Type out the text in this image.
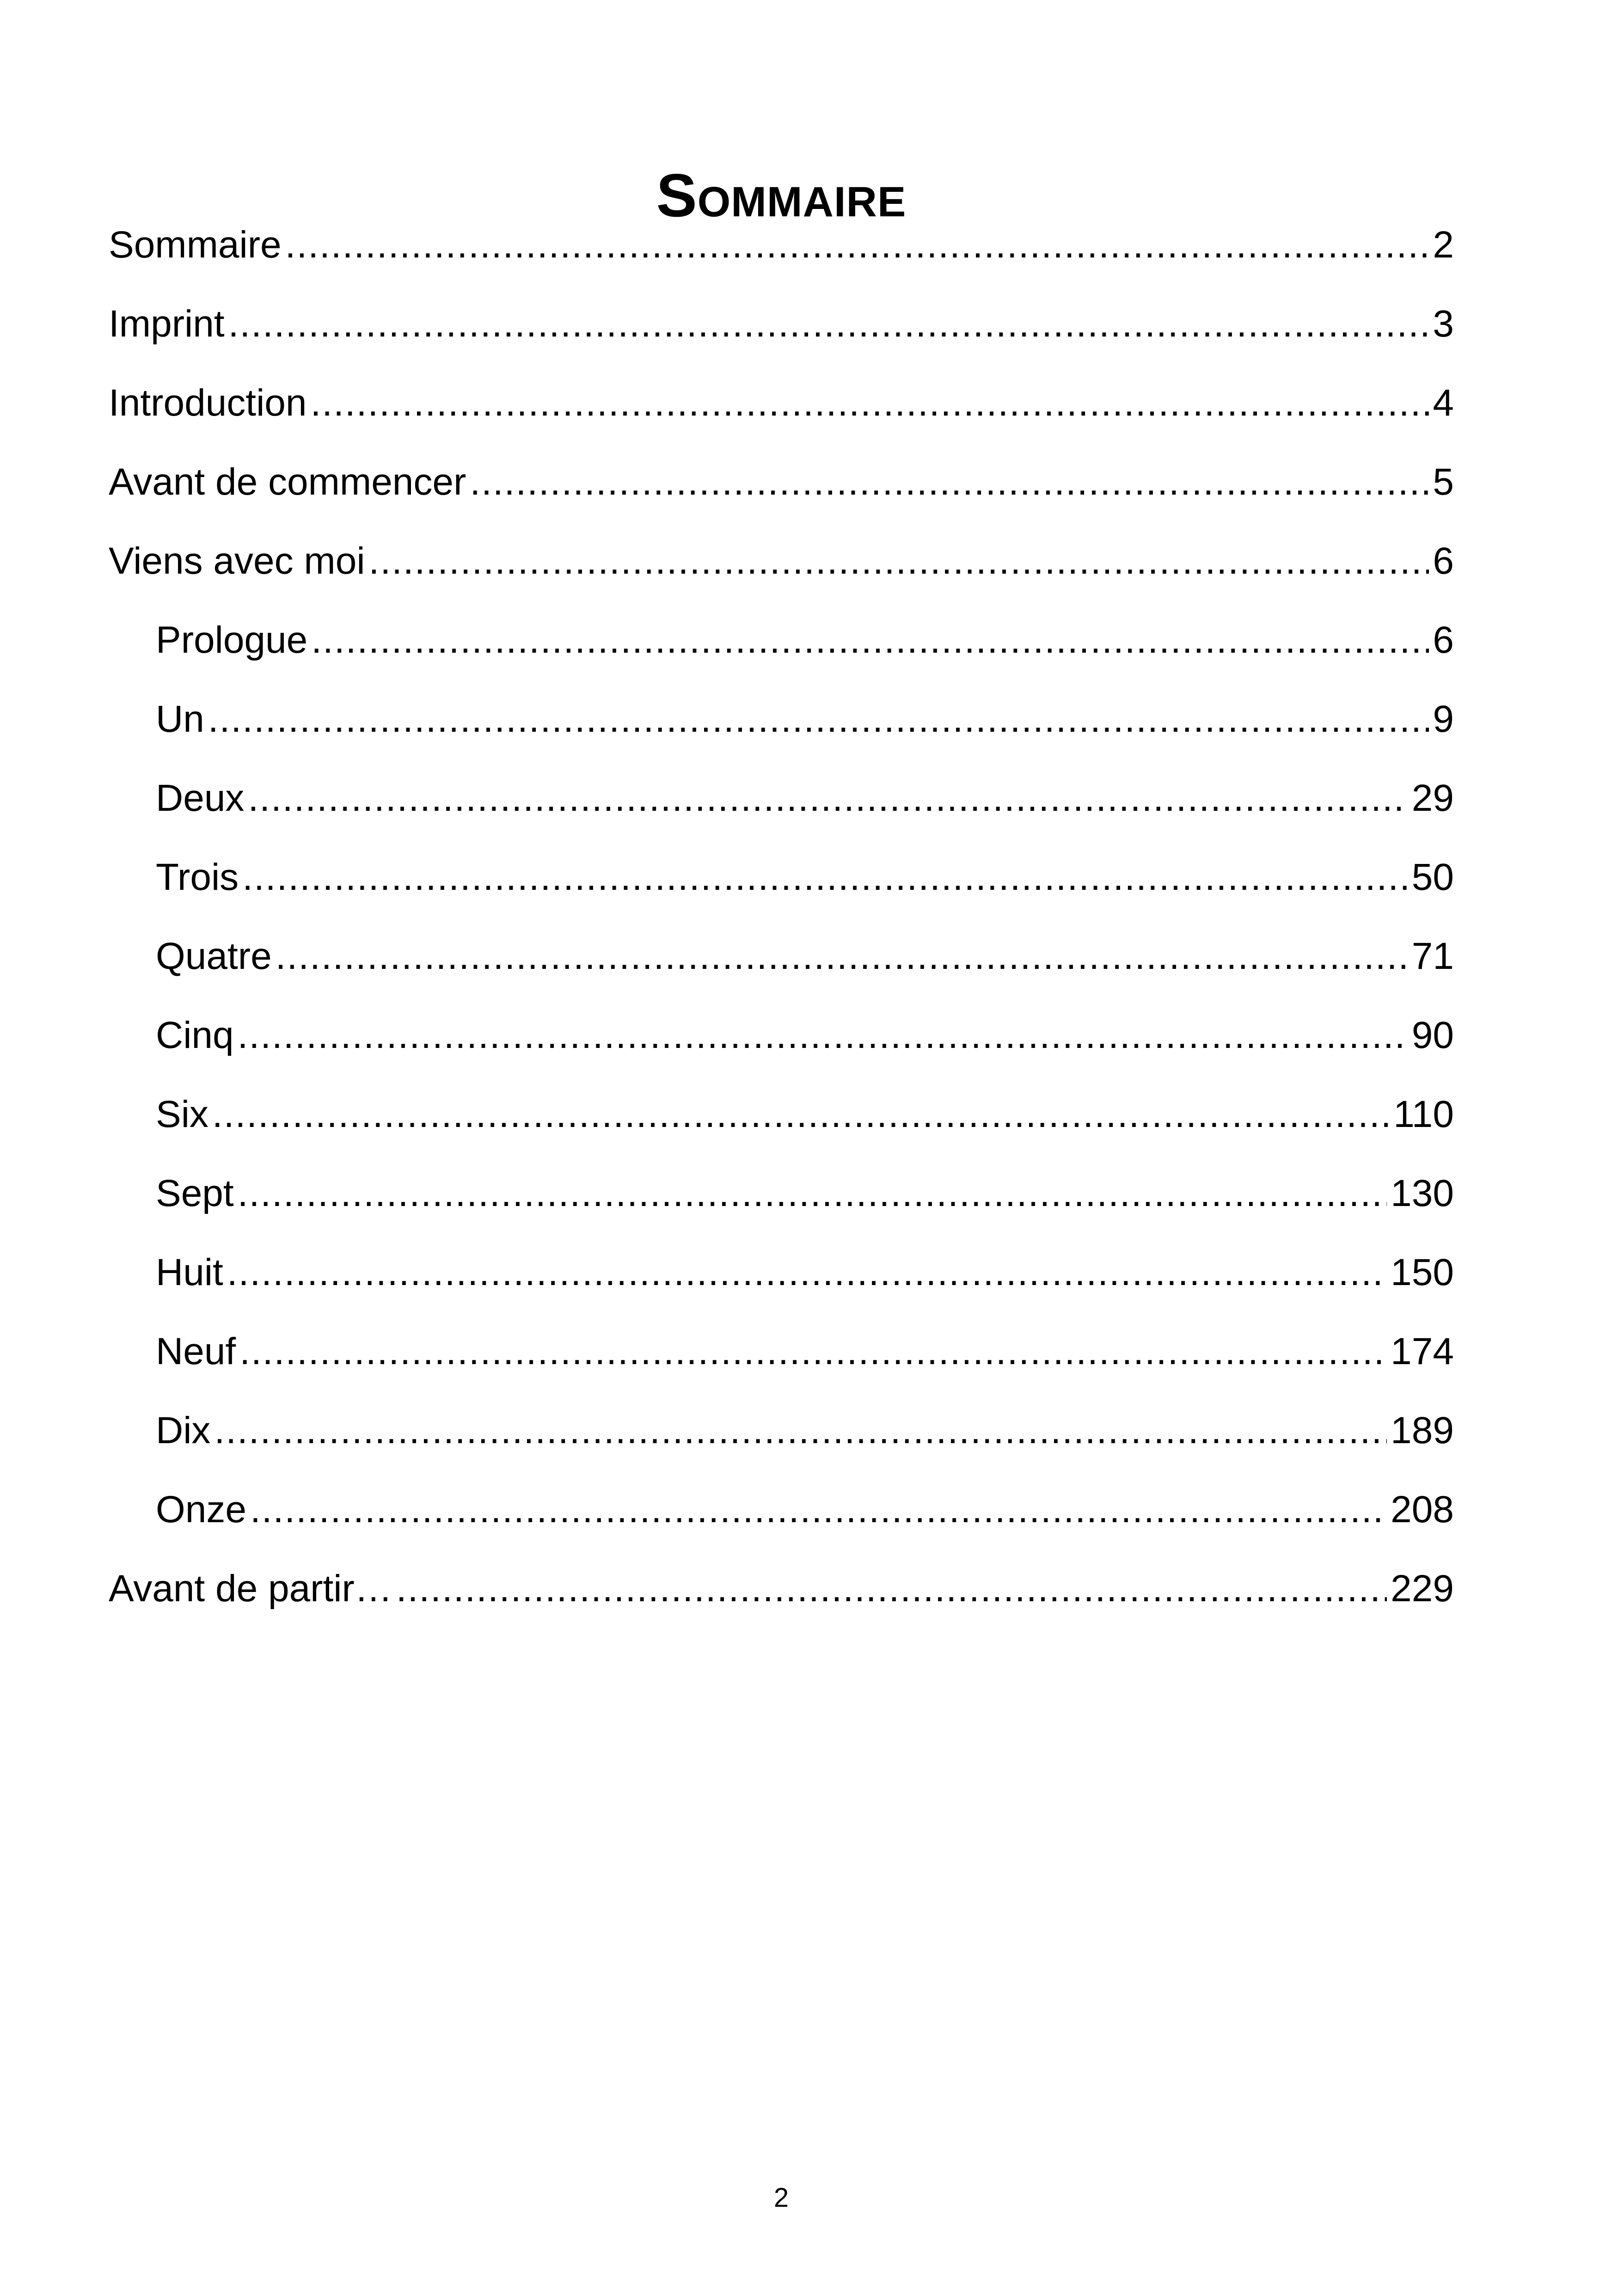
Sommaire
Sommaire .....	2
Imprint .....	3
Introduction .....	4
Avant de commencer .....	5
Viens avec moi .....	6
Prologue .....	6
Un .....	9
Deux .....	29
Trois .....	50
Quatre .....	71
Cinq .....	90
Six .....	110
Sept .....	130
Huit .....	150
Neuf .....	174
Dix .....	189
Onze .....	208
Avant de partir… .....	229
2
